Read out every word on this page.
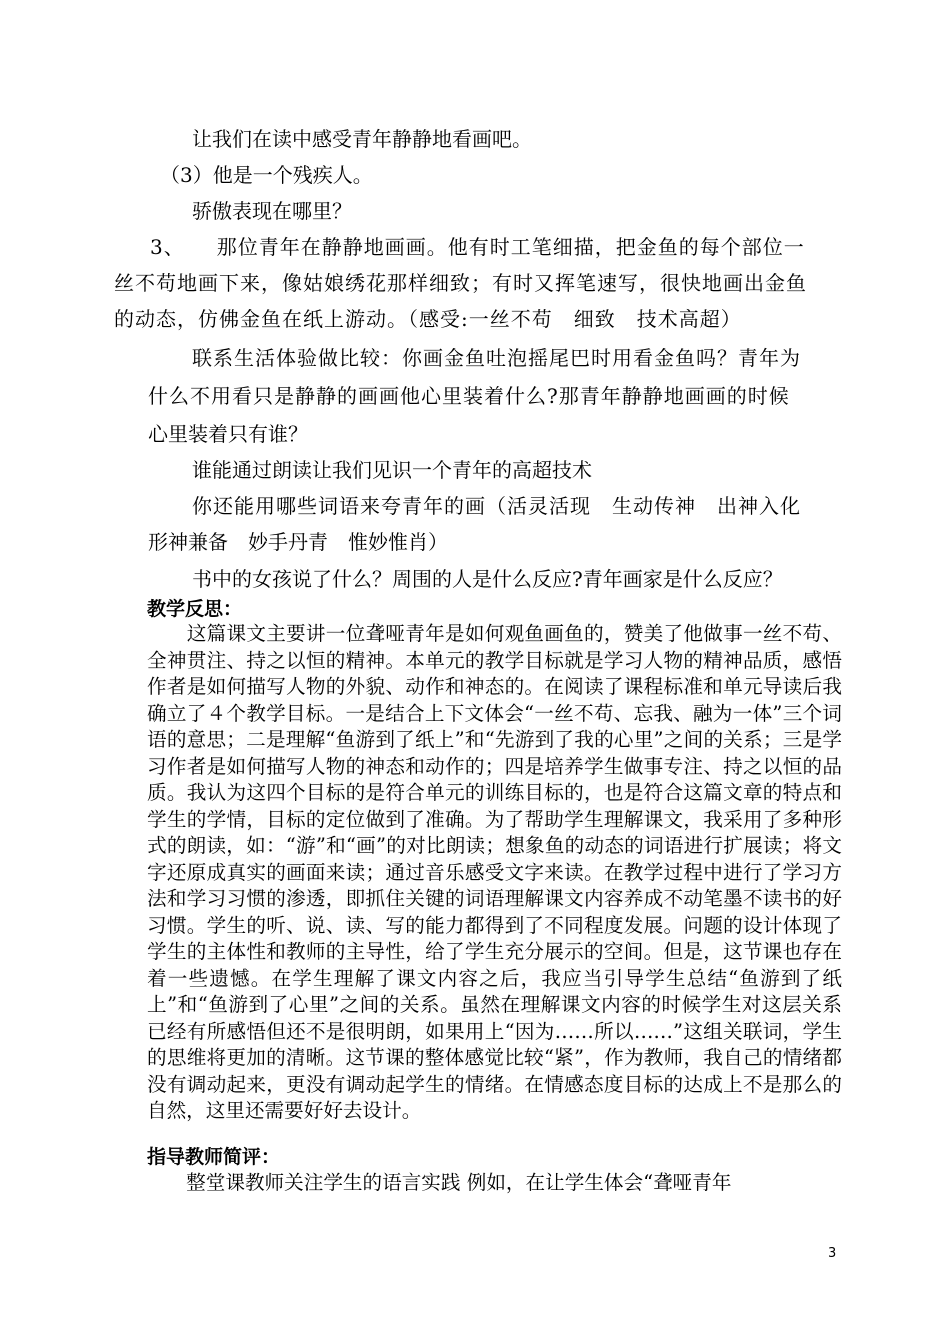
让我们在读中感受青年静静地看画吧。
（3）他是一个残疾人。
骄傲表现在哪里？
3、　　那位青年在静静地画画。他有时工笔细描，把金鱼的每个部位一
丝不苟地画下来，像姑娘绣花那样细致；有时又挥笔速写，很快地画出金鱼
的动态，仿佛金鱼在纸上游动。（感受:一丝不苟　细致　技术高超）
联系生活体验做比较：你画金鱼吐泡摇尾巴时用看金鱼吗？青年为
什么不用看只是静静的画画他心里装着什么?那青年静静地画画的时候
心里装着只有谁？
谁能通过朗读让我们见识一个青年的高超技术
你还能用哪些词语来夸青年的画（活灵活现　生动传神　出神入化
形神兼备　妙手丹青　惟妙惟肖）
书中的女孩说了什么？周围的人是什么反应?青年画家是什么反应？
教学反思：
　　这篇课文主要讲一位聋哑青年是如何观鱼画鱼的，赞美了他做事一丝不苟、全神贯注、持之以恒的精神。本单元的教学目标就是学习人物的精神品质，感悟作者是如何描写人物的外貌、动作和神态的。在阅读了课程标准和单元导读后我确立了４个教学目标。一是结合上下文体会“一丝不苟、忘我、融为一体”三个词语的意思；二是理解“鱼游到了纸上”和“先游到了我的心里”之间的关系；三是学习作者是如何描写人物的神态和动作的；四是培养学生做事专注、持之以恒的品质。我认为这四个目标的是符合单元的训练目标的，也是符合这篇文章的特点和学生的学情，目标的定位做到了准确。为了帮助学生理解课文，我采用了多种形式的朗读，如：“游”和“画”的对比朗读；想象鱼的动态的词语进行扩展读；将文字还原成真实的画面来读；通过音乐感受文字来读。在教学过程中进行了学习方法和学习习惯的渗透，即抓住关键的词语理解课文内容养成不动笔墨不读书的好习惯。学生的听、说、读、写的能力都得到了不同程度发展。问题的设计体现了学生的主体性和教师的主导性，给了学生充分展示的空间。但是，这节课也存在着一些遗憾。在学生理解了课文内容之后，我应当引导学生总结“鱼游到了纸上”和“鱼游到了心里”之间的关系。虽然在理解课文内容的时候学生对这层关系已经有所感悟但还不是很明朗，如果用上“因为……所以……”这组关联词，学生的思维将更加的清晰。这节课的整体感觉比较“紧”，作为教师，我自己的情绪都没有调动起来，更没有调动起学生的情绪。在情感态度目标的达成上不是那么的自然，这里还需要好好去设计。
指导教师简评：
　　整堂课教师关注学生的语言实践 例如，在让学生体会“聋哑青年
3
